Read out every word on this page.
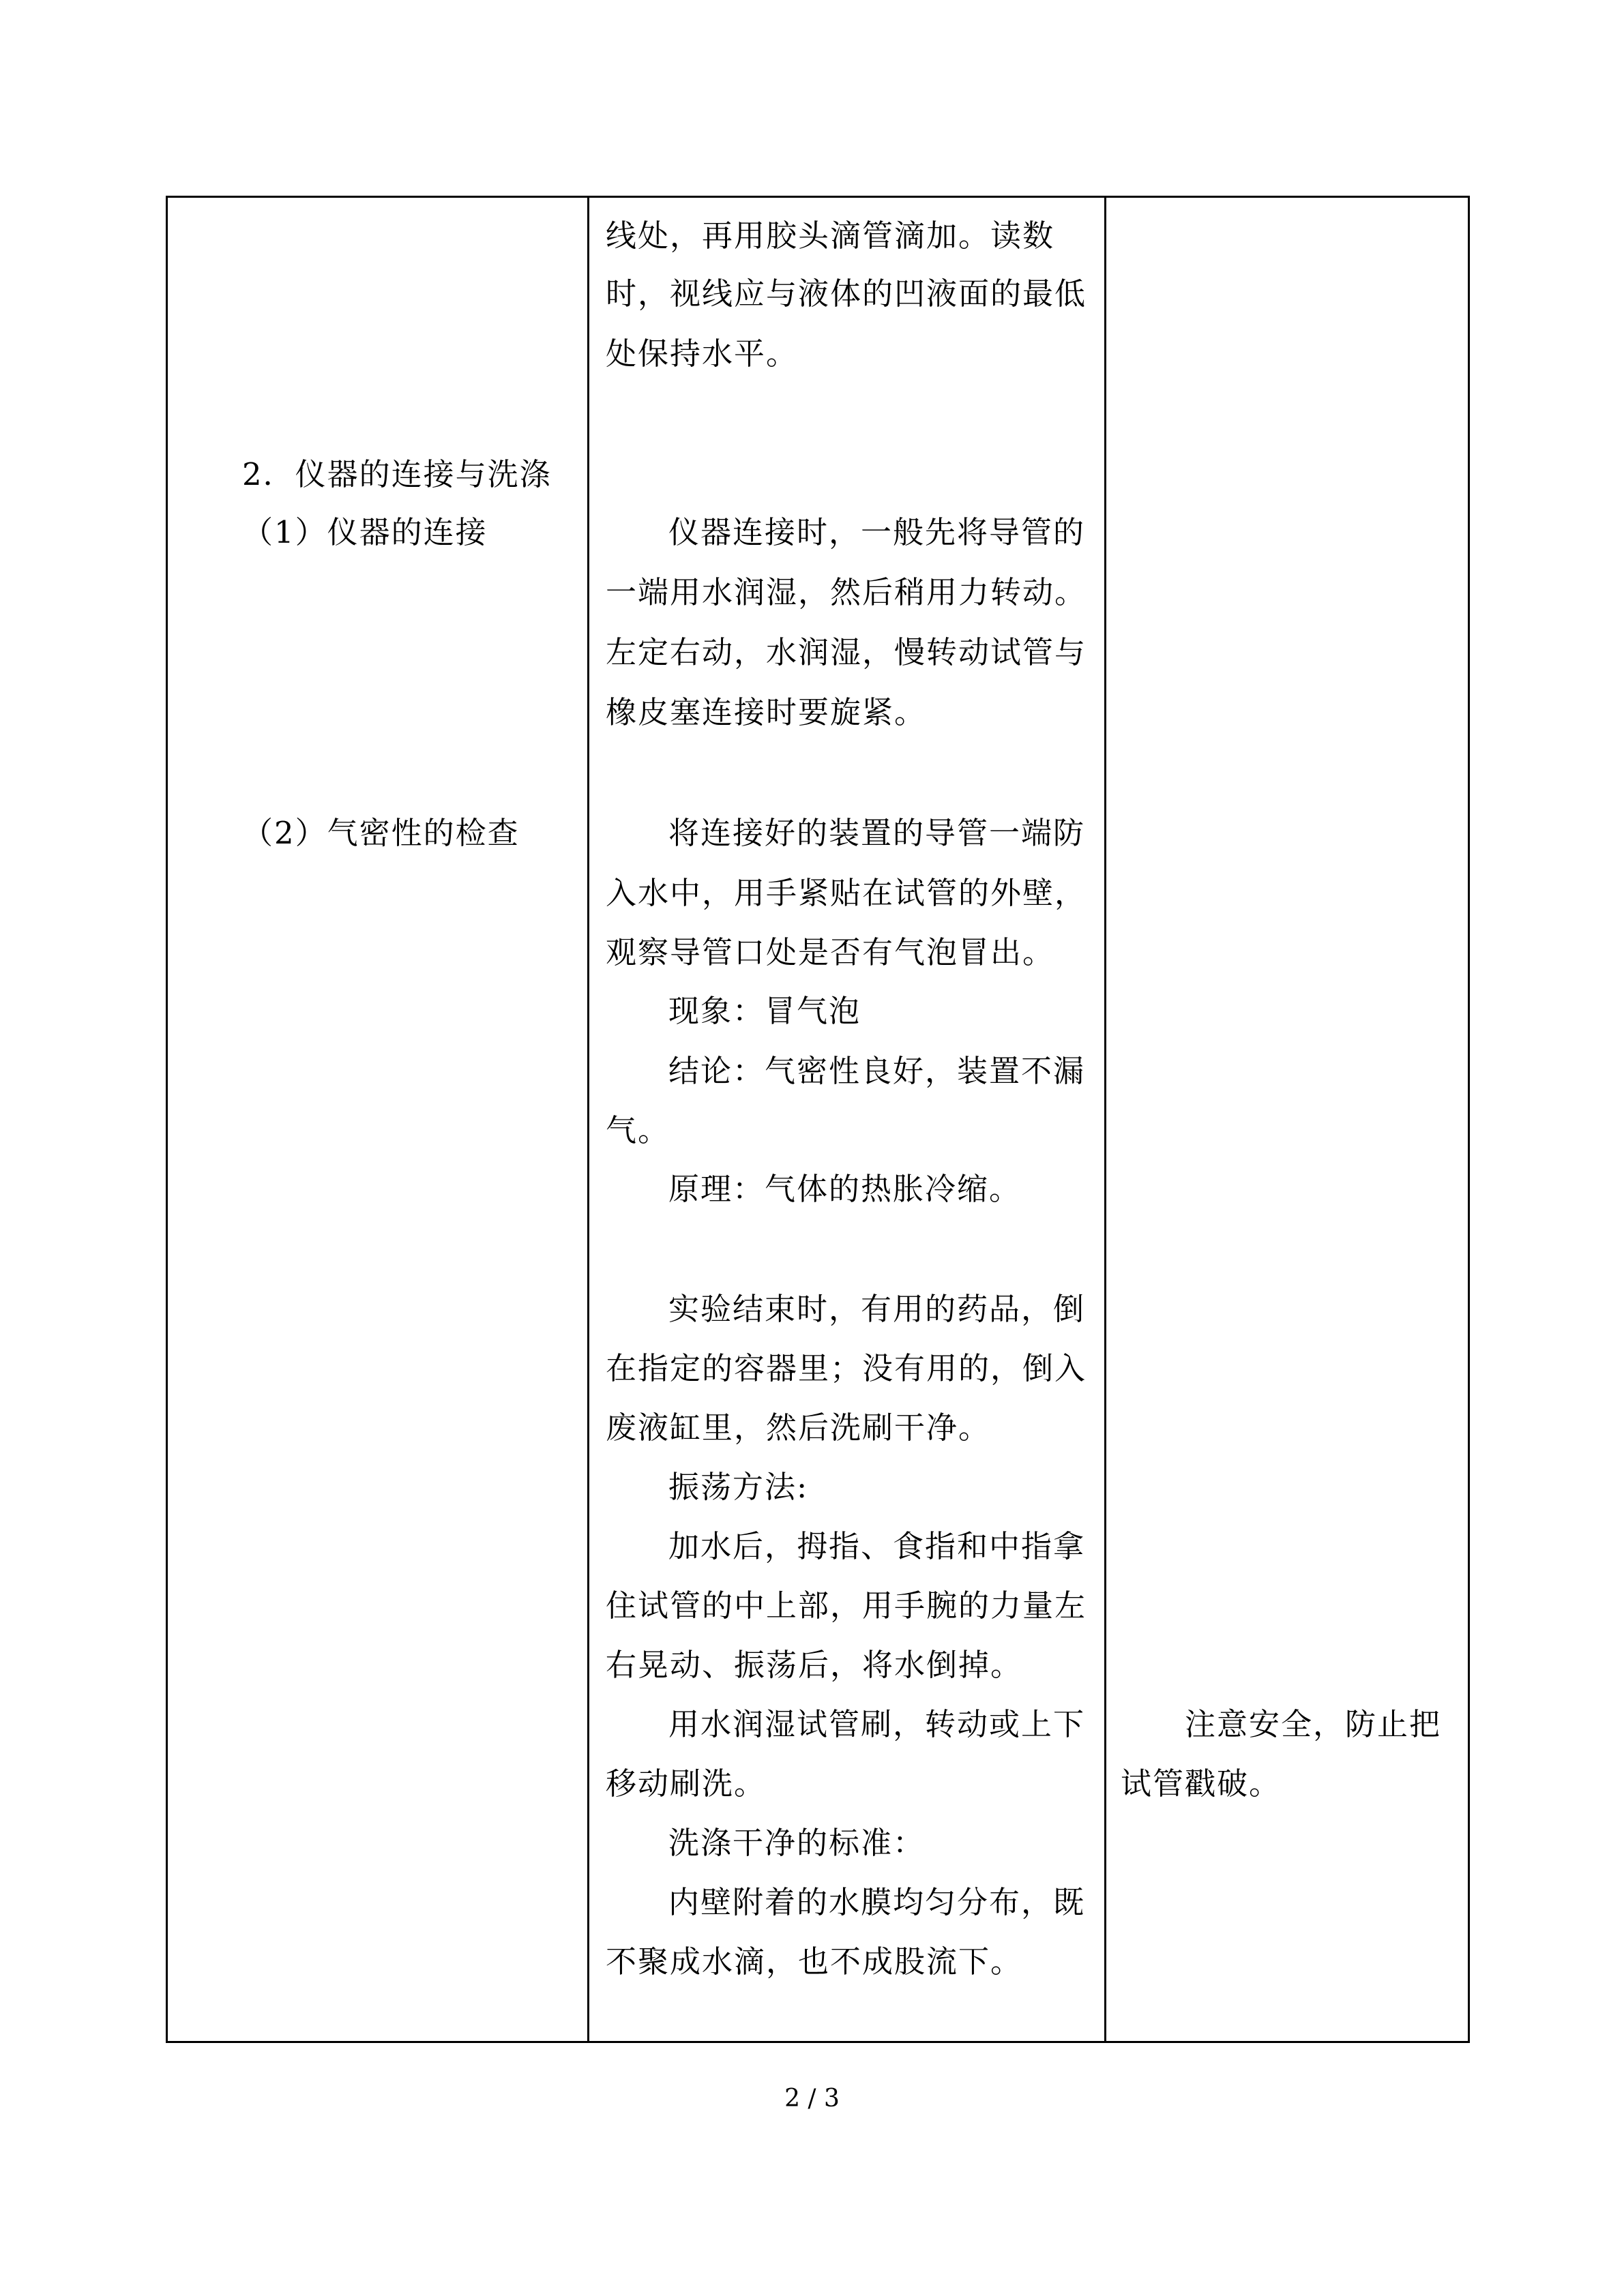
2．仪器的连接与洗涤
（1）仪器的连接
（2）气密性的检查
线处，再用胶头滴管滴加。读数
时，视线应与液体的凹液面的最低
处保持水平。
仪器连接时，一般先将导管的
一端用水润湿，然后稍用力转动。
左定右动，水润湿，慢转动试管与
橡皮塞连接时要旋紧。
将连接好的装置的导管一端防
入水中，用手紧贴在试管的外壁，
观察导管口处是否有气泡冒出。
现象：冒气泡
结论：气密性良好，装置不漏
气。
原理：气体的热胀冷缩。
实验结束时，有用的药品，倒
在指定的容器里；没有用的，倒入
废液缸里，然后洗刷干净。
振荡方法:
加水后，拇指、食指和中指拿
住试管的中上部，用手腕的力量左
右晃动、振荡后，将水倒掉。
用水润湿试管刷，转动或上下
移动刷洗。
洗涤干净的标准：
内壁附着的水膜均匀分布，既
不聚成水滴，也不成股流下。
注意安全，防止把
试管戳破。
2 / 3
